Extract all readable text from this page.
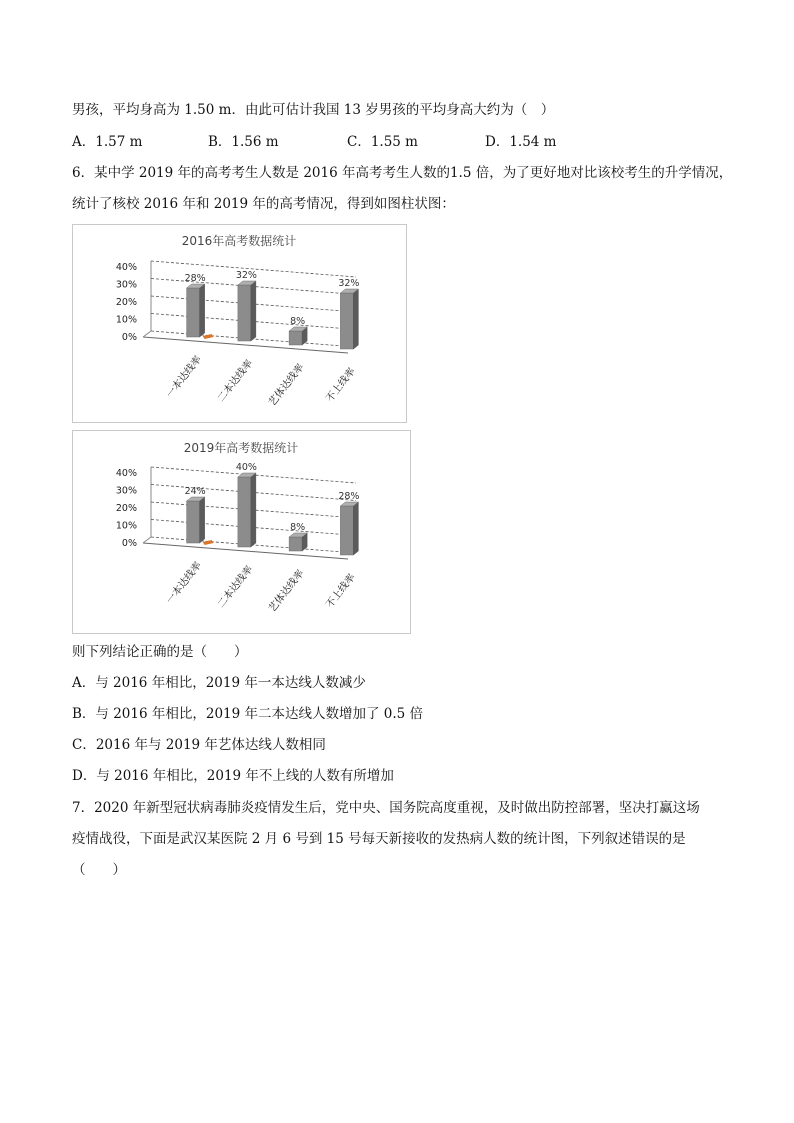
男孩，平均身高为 1.50 m．由此可估计我国 13 岁男孩的平均身高大约为（　）
A．1.57 m	B．1.56 m	C．1.55 m	D．1.54 m
6．某中学 2019 年的高考考生人数是 2016 年高考考生人数的1.5 倍，为了更好地对比该校考生的升学情况，
统计了核校 2016 年和 2019 年的高考情况，得到如图柱状图：
2016年高考数据统计
0%
10%
20%
30%
40%
28%
一本达线率
32%
二本达线率
8%
艺体达线率
32%
不上线率
2019年高考数据统计
0%
10%
20%
30%
40%
24%
一本达线率
40%
二本达线率
8%
艺体达线率
28%
不上线率
则下列结论正确的是（　　）
A．与 2016 年相比，2019 年一本达线人数减少
B．与 2016 年相比，2019 年二本达线人数增加了 0.5 倍
C．2016 年与 2019 年艺体达线人数相同
D．与 2016 年相比，2019 年不上线的人数有所增加
7．2020 年新型冠状病毒肺炎疫情发生后，党中央、国务院高度重视，及时做出防控部署，坚决打赢这场
疫情战役，下面是武汉某医院 2 月 6 号到 15 号每天新接收的发热病人数的统计图，下列叙述错误的是
（　　）
